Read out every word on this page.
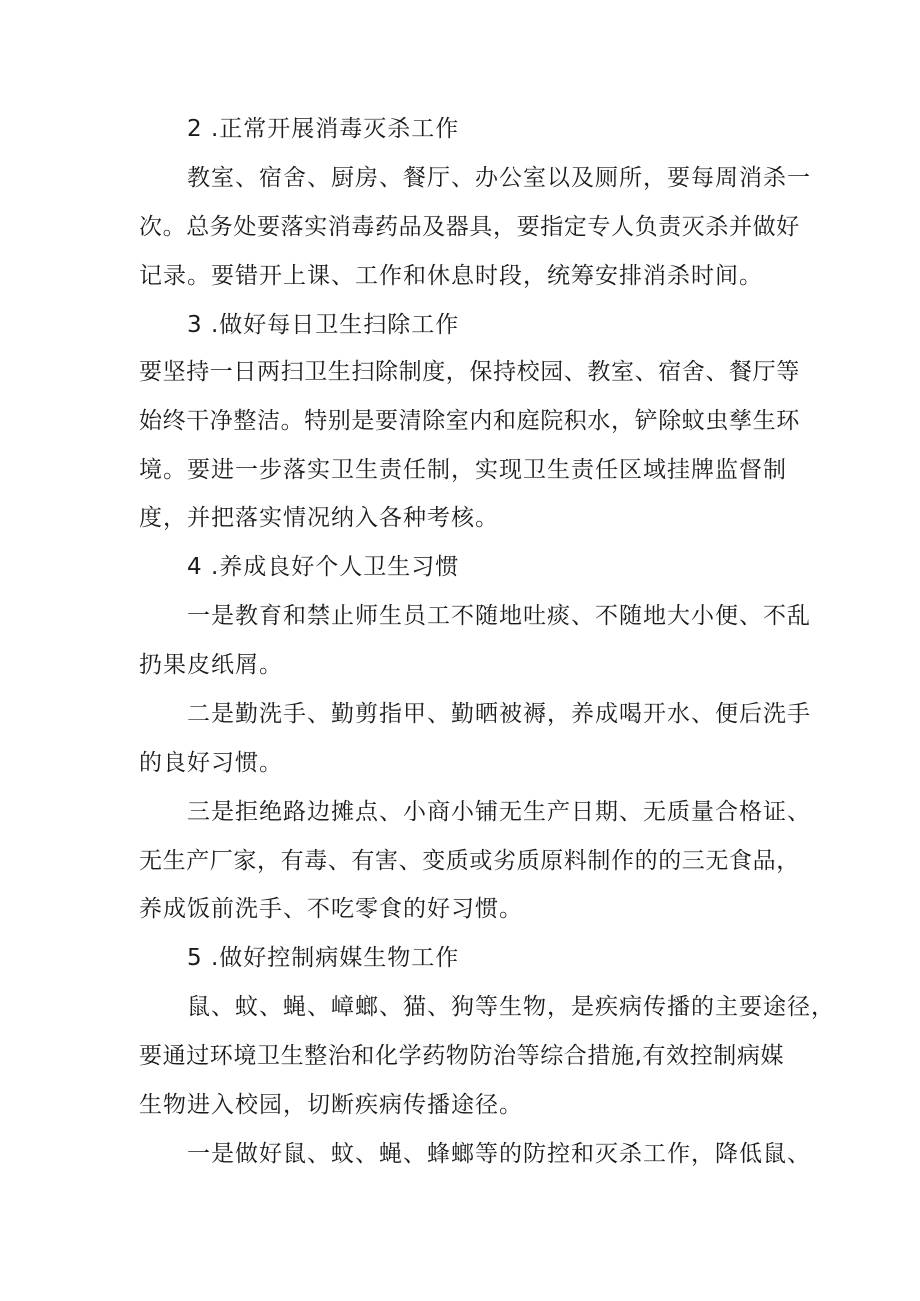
2 .正常开展消毒灭杀工作
教室、宿舍、厨房、餐厅、办公室以及厕所，要每周消杀一
次。总务处要落实消毒药品及器具，要指定专人负责灭杀并做好
记录。要错开上课、工作和休息时段，统筹安排消杀时间。
3 .做好每日卫生扫除工作
要坚持一日两扫卫生扫除制度，保持校园、教室、宿舍、餐厅等
始终干净整洁。特别是要清除室内和庭院积水，铲除蚊虫孳生环
境。要进一步落实卫生责任制，实现卫生责任区域挂牌监督制
度，并把落实情况纳入各种考核。
4 .养成良好个人卫生习惯
一是教育和禁止师生员工不随地吐痰、不随地大小便、不乱
扔果皮纸屑。
二是勤洗手、勤剪指甲、勤晒被褥，养成喝开水、便后洗手
的良好习惯。
三是拒绝路边摊点、小商小铺无生产日期、无质量合格证、
无生产厂家，有毒、有害、变质或劣质原料制作的的三无食品，
养成饭前洗手、不吃零食的好习惯。
5 .做好控制病媒生物工作
鼠、蚊、蝇、嶂螂、猫、狗等生物，是疾病传播的主要途径，
要通过环境卫生整治和化学药物防治等综合措施,有效控制病媒
生物进入校园，切断疾病传播途径。
一是做好鼠、蚊、蝇、蜂螂等的防控和灭杀工作，降低鼠、
